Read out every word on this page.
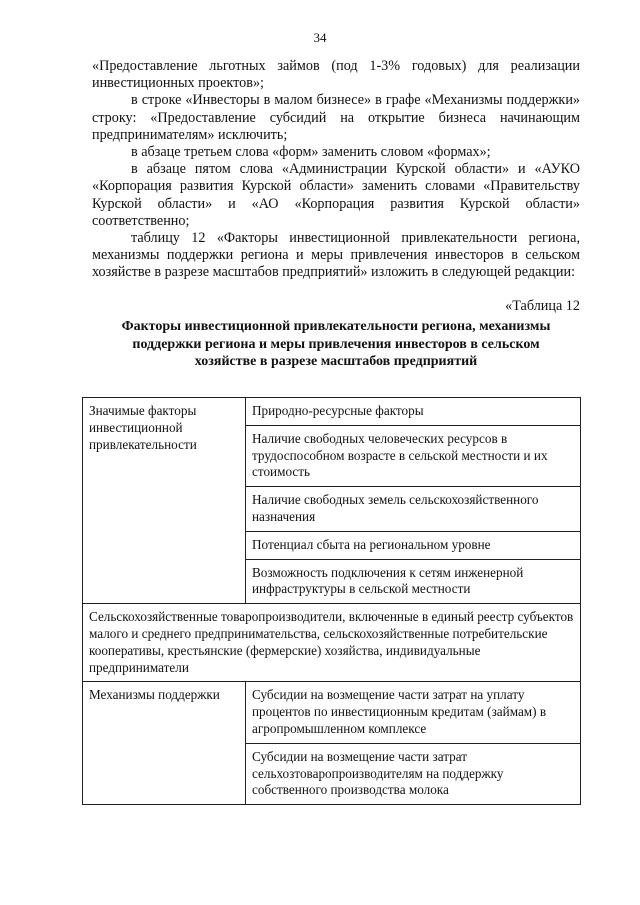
34

«Предоставление льготных займов (под 1-3% годовых) для реализации инвестиционных проектов»;

в строке «Инвесторы в малом бизнесе» в графе «Механизмы поддержки» строку: «Предоставление субсидий на открытие бизнеса начинающим предпринимателям» исключить;

в абзаце третьем слова «форм» заменить словом «формах»;

в абзаце пятом слова «Администрации Курской области» и «АУКО «Корпорация развития Курской области» заменить словами «Правительству Курской области» и «АО «Корпорация развития Курской области» соответственно;

таблицу 12 «Факторы инвестиционной привлекательности региона, механизмы поддержки региона и меры привлечения инвесторов в сельском хозяйстве в разрезе масштабов предприятий» изложить в следующей редакции:

«Таблица 12
Факторы инвестиционной привлекательности региона, механизмы поддержки региона и меры привлечения инвесторов в сельском хозяйстве в разрезе масштабов предприятий
Значимые факторы инвестиционной привлекательности	Природно-ресурсные факторы
	Наличие свободных человеческих ресурсов в трудоспособном возрасте в сельской местности и их стоимость
	Наличие свободных земель сельскохозяйственного назначения
	Потенциал сбыта на региональном уровне
	Возможность подключения к сетям инженерной инфраструктуры в сельской местности
Сельскохозяйственные товаропроизводители, включенные в единый реестр субъектов малого и среднего предпринимательства, сельскохозяйственные потребительские кооперативы, крестьянские (фермерские) хозяйства, индивидуальные предприниматели	
Механизмы поддержки	Субсидии на возмещение части затрат на уплату процентов по инвестиционным кредитам (займам) в агропромышленном комплексе
	Субсидии на возмещение части затрат сельхозтоваропроизводителям на поддержку собственного производства молока
